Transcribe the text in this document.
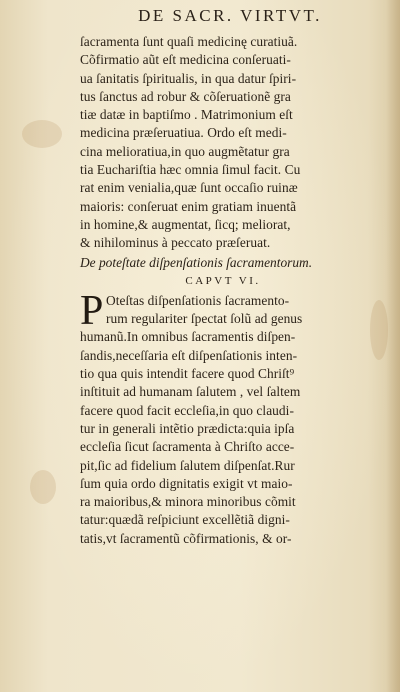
DE SACR. VIRTVT.
ſacramenta ſunt quaſi medicinę curatiuã.
Cõfirmatio aũt eſt medicina conſeruati-
ua ſanitatis ſpiritualis, in qua datur ſpiri-
tus ſanctus ad robur & cõſeruationẽ gra
tiæ datæ in baptiſmo . Matrimonium eſt
medicina præſeruatiua. Ordo eſt medi-
cina melioratiua,in quo augmẽtatur gra
tia Euchariſtia hæc omnia ſimul facit. Cu
rat enim venialia,quæ ſunt occaſio ruinæ
maioris: conſeruat enim gratiam inuentã
in homine,& augmentat, ſicq; meliorat,
& nihilominus à peccato præſeruat.
De poteſtate diſpenſationis ſacramentorum.
CAPVT VI.
P Oteſtas diſpenſationis ſacramento-
rum regulariter ſpectat ſolũ ad genus
humanũ.In omnibus ſacramentis diſpen-
ſandis,neceſſaria eſt diſpenſationis inten-
tio qua quis intendit facere quod Chriſt⁹
inſtituit ad humanam ſalutem , vel ſaltem
facere quod facit eccleſia,in quo claudi-
tur in generali intẽtio prædicta:quia ipſa
eccleſia ſicut ſacramenta à Chriſto acce-
pit,ſic ad fidelium ſalutem diſpenſat.Rur
ſum quia ordo dignitatis exigit vt maio-
ra maioribus,& minora minoribus cõmit
tatur:quædã reſpiciunt excellẽtiã digni-
tatis,vt ſacramentũ cõfirmationis, & or-
